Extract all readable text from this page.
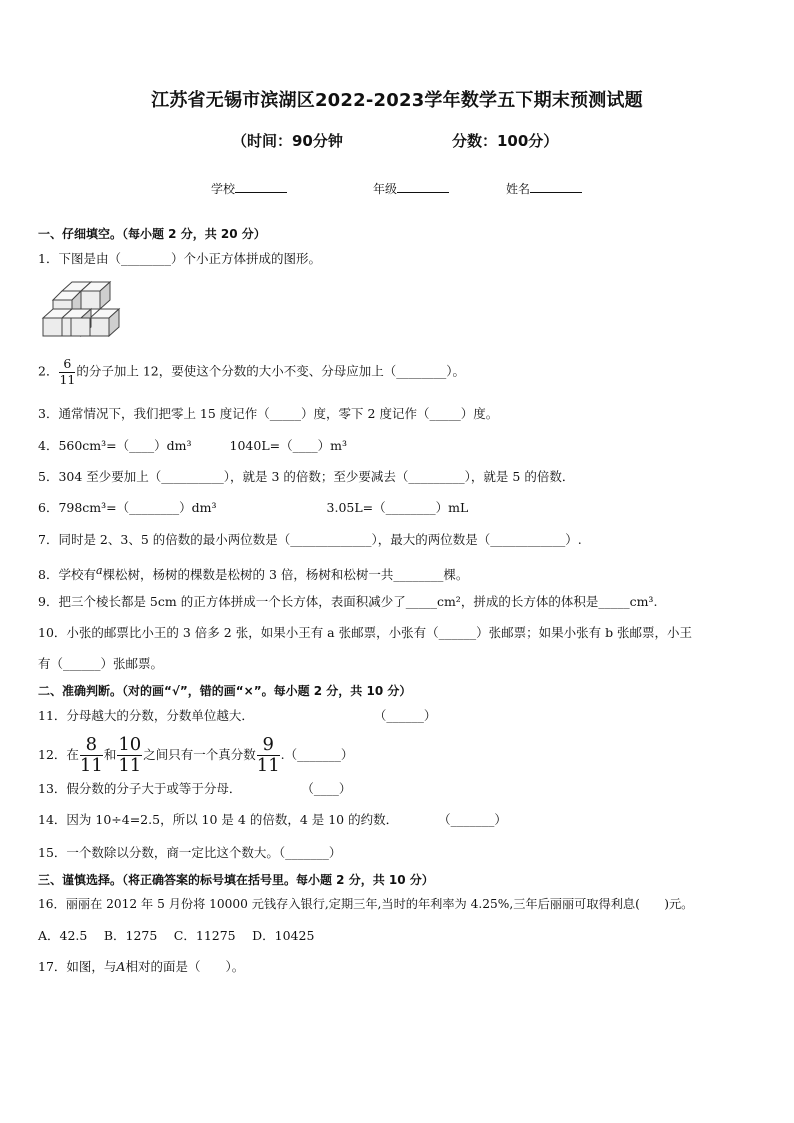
江苏省无锡市滨湖区2022-2023学年数学五下期末预测试题
（时间：90分钟	分数：100分）
学校	年级	姓名
一、仔细填空。（每小题 2 分，共 20 分）
1．下图是由（________）个小正方体拼成的图形。
2． $\frac{6}{11}$ 的分子加上 12，要使这个分数的大小不变、分母应加上（________）。
3．通常情况下，我们把零上 15 度记作（_____）度，零下 2 度记作（_____）度。
4．560cm³=（____）dm³	1040L=（____）m³
5．304 至少要加上（__________），就是 3 的倍数；至少要减去（_________），就是 5 的倍数．
6．798cm³=（________）dm³	3.05L=（________）mL
7．同时是 2、3、5 的倍数的最小两位数是（_____________），最大的两位数是（____________）.
8．学校有a棵松树，杨树的棵数是松树的 3 倍，杨树和松树一共________棵。
9．把三个棱长都是 5cm 的正方体拼成一个长方体，表面积减少了_____cm²，拼成的长方体的体积是_____cm³.
10．小张的邮票比小王的 3 倍多 2 张，如果小王有 a 张邮票，小张有（______）张邮票；如果小张有 b 张邮票，小王
有（______）张邮票。
二、准确判断。（对的画“√”，错的画“×”。每小题 2 分，共 10 分）
11．分母越大的分数，分数单位越大．	（______）
12．在 $\frac{8}{11}$ 和 $\frac{10}{11}$ 之间只有一个真分数 $\frac{9}{11}$ .（_______）
13．假分数的分子大于或等于分母．	（____）
14．因为 10÷4=2.5，所以 10 是 4 的倍数，4 是 10 的约数．	（_______）
15．一个数除以分数，商一定比这个数大。（_______）
三、谨慎选择。（将正确答案的标号填在括号里。每小题 2 分，共 10 分）
16．丽丽在 2012 年 5 月份将 10000 元钱存入银行,定期三年,当时的年利率为 4.25%,三年后丽丽可取得利息(　　)元。
A．42.5　 B．1275　 C．11275　 D．10425
17．如图，与A相对的面是（　　）。
